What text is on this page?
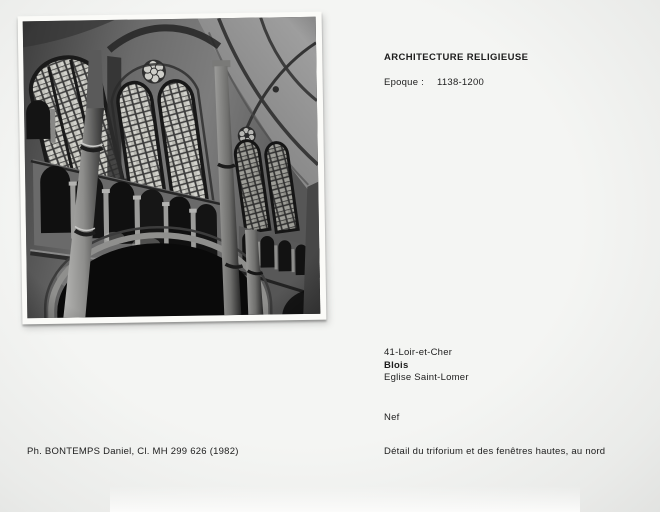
ARCHITECTURE RELIGIEUSE
Epoque : 1138-1200
41-Loir-et-Cher
Blois
Eglise Saint-Lomer
Nef
Détail du triforium et des fenêtres hautes, au nord
Ph. BONTEMPS Daniel, Cl. MH 299 626 (1982)
